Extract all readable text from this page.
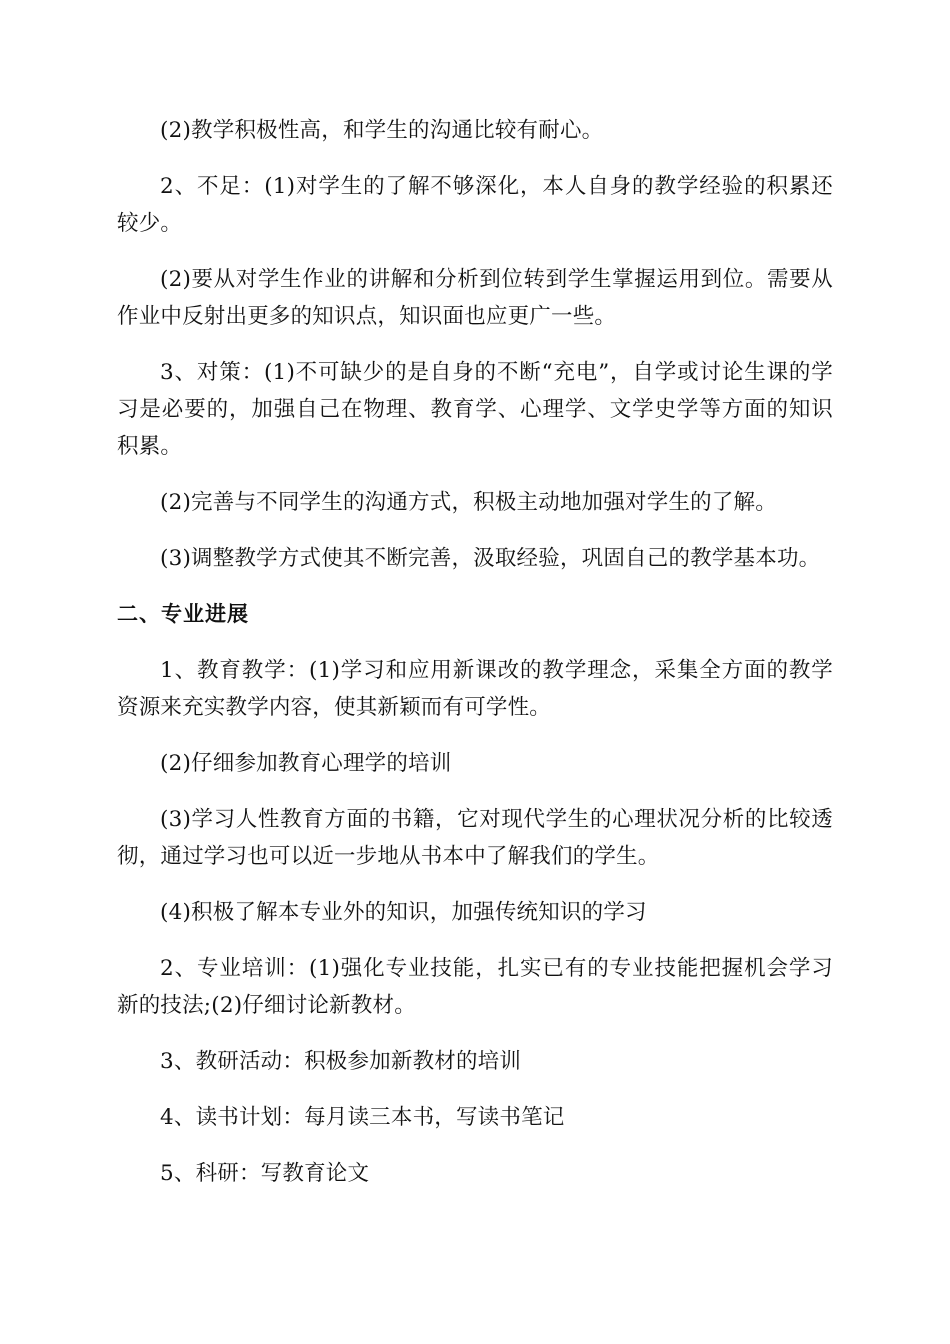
(2)教学积极性高，和学生的沟通比较有耐心。

2、不足：(1)对学生的了解不够深化，本人自身的教学经验的积累还较少。

(2)要从对学生作业的讲解和分析到位转到学生掌握运用到位。需要从作业中反射出更多的知识点，知识面也应更广一些。

3、对策：(1)不可缺少的是自身的不断“充电”，自学或讨论生课的学习是必要的，加强自己在物理、教育学、心理学、文学史学等方面的知识积累。

(2)完善与不同学生的沟通方式，积极主动地加强对学生的了解。

(3)调整教学方式使其不断完善，汲取经验，巩固自己的教学基本功。

二、专业进展

1、教育教学：(1)学习和应用新课改的教学理念，采集全方面的教学资源来充实教学内容，使其新颖而有可学性。

(2)仔细参加教育心理学的培训

(3)学习人性教育方面的书籍，它对现代学生的心理状况分析的比较透彻，通过学习也可以近一步地从书本中了解我们的学生。

(4)积极了解本专业外的知识，加强传统知识的学习

2、专业培训：(1)强化专业技能，扎实已有的专业技能把握机会学习新的技法;(2)仔细讨论新教材。

3、教研活动：积极参加新教材的培训

4、读书计划：每月读三本书，写读书笔记

5、科研：写教育论文
